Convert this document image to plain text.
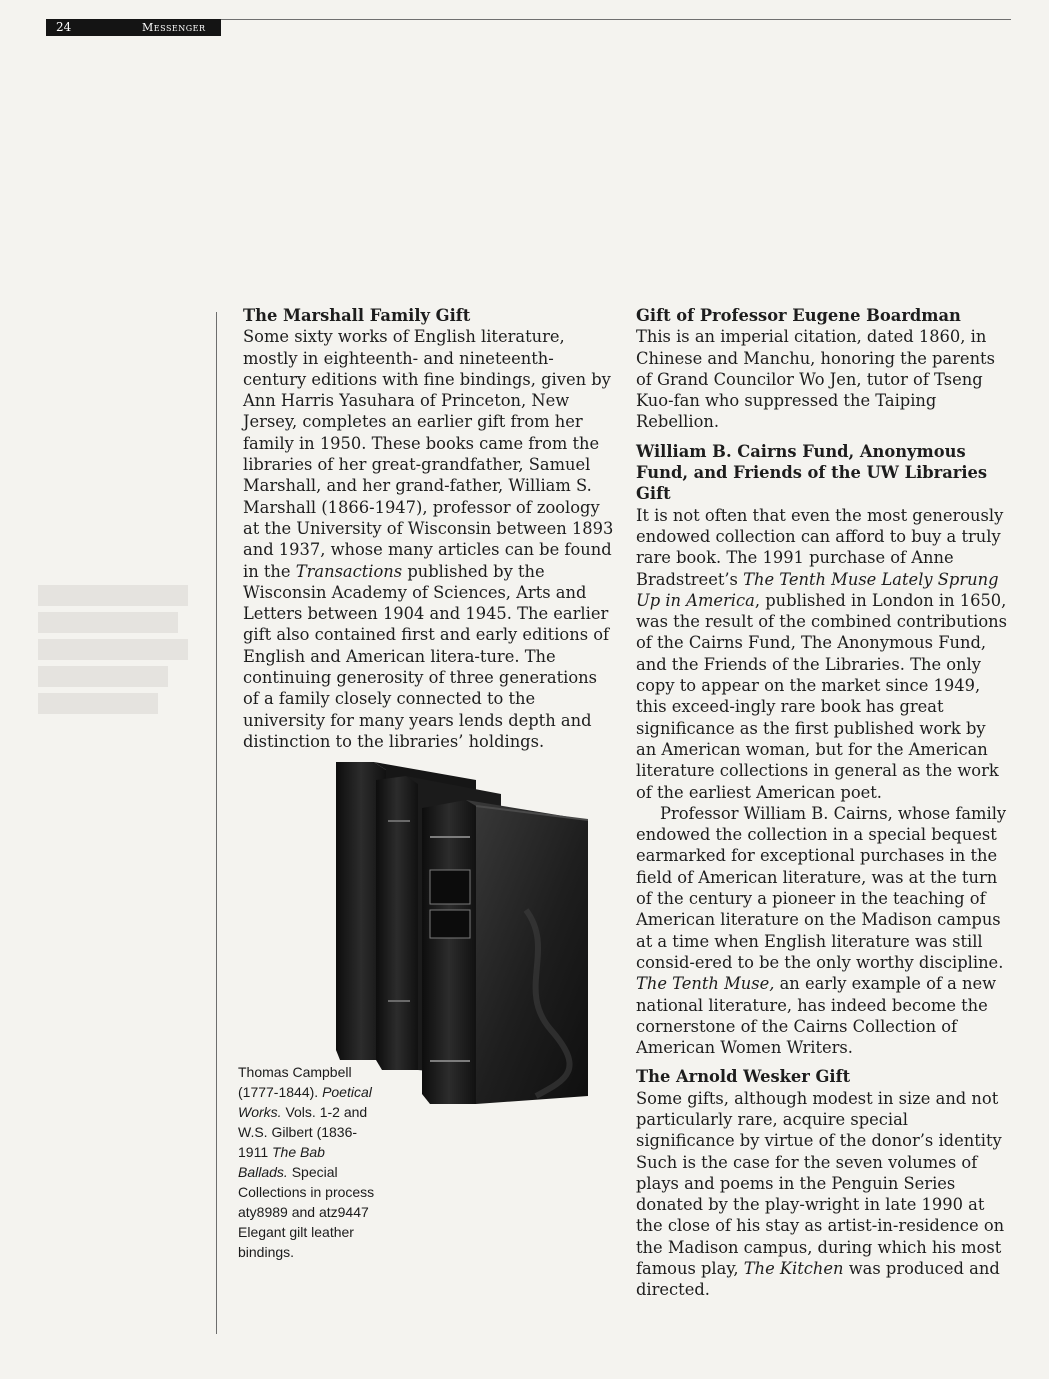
24	Messenger
The Marshall Family Gift

Some sixty works of English literature, mostly in eighteenth- and nineteenth-century editions with fine bindings, given by Ann Harris Yasuhara of Princeton, New Jersey, completes an earlier gift from her family in 1950. These books came from the libraries of her great-grandfather, Samuel Marshall, and her grand-father, William S. Marshall (1866-1947), professor of zoology at the University of Wisconsin between 1893 and 1937, whose many articles can be found in the Transactions published by the Wisconsin Academy of Sciences, Arts and Letters between 1904 and 1945. The earlier gift also contained first and early editions of English and American litera-ture. The continuing generosity of three generations of a family closely connected to the university for many years lends depth and distinction to the libraries’ holdings.

Thomas Campbell (1777-1844). Poetical Works. Vols. 1-2 and W.S. Gilbert (1836-1911 The Bab Ballads. Special Collections in process aty8989 and atz9447 Elegant gilt leather bindings.
Gift of Professor Eugene Boardman

This is an imperial citation, dated 1860, in Chinese and Manchu, honoring the parents of Grand Councilor Wo Jen, tutor of Tseng Kuo-fan who suppressed the Taiping Rebellion.

William B. Cairns Fund, Anonymous Fund, and Friends of the UW Libraries Gift

It is not often that even the most generously endowed collection can afford to buy a truly rare book. The 1991 purchase of Anne Bradstreet’s The Tenth Muse Lately Sprung Up in America, published in London in 1650, was the result of the combined contributions of the Cairns Fund, The Anonymous Fund, and the Friends of the Libraries. The only copy to appear on the market since 1949, this exceed-ingly rare book has great significance as the first published work by an American woman, but for the American literature collections in general as the work of the earliest American poet.

Professor William B. Cairns, whose family endowed the collection in a special bequest earmarked for exceptional purchases in the field of American literature, was at the turn of the century a pioneer in the teaching of American literature on the Madison campus at a time when English literature was still consid-ered to be the only worthy discipline. The Tenth Muse, an early example of a new national literature, has indeed become the cornerstone of the Cairns Collection of American Women Writers.

The Arnold Wesker Gift

Some gifts, although modest in size and not particularly rare, acquire special significance by virtue of the donor’s identity Such is the case for the seven volumes of plays and poems in the Penguin Series donated by the play-wright in late 1990 at the close of his stay as artist-in-residence on the Madison campus, during which his most famous play, The Kitchen was produced and directed.
